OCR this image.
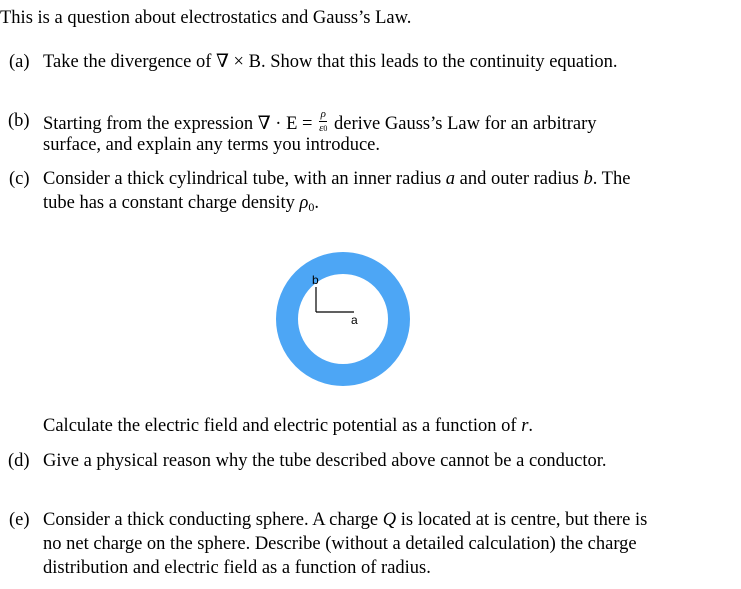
This is a question about electrostatics and Gauss’s Law.
(a) Take the divergence of ∇ × B. Show that this leads to the continuity equation.
(b) Starting from the expression ∇ · $E = \frac{\rho}{\varepsilon 0}$ derive Gauss’s Law for an arbitrary
surface, and explain any terms you introduce.
(c) Consider a thick cylindrical tube, with an inner radius a and outer radius b. The
tube has a constant charge density $\rho_0$.
b
a
Calculate the electric field and electric potential as a function of r.
(d) Give a physical reason why the tube described above cannot be a conductor.
(e) Consider a thick conducting sphere. A charge Q is located at is centre, but there is
no net charge on the sphere. Describe (without a detailed calculation) the charge
distribution and electric field as a function of radius.
